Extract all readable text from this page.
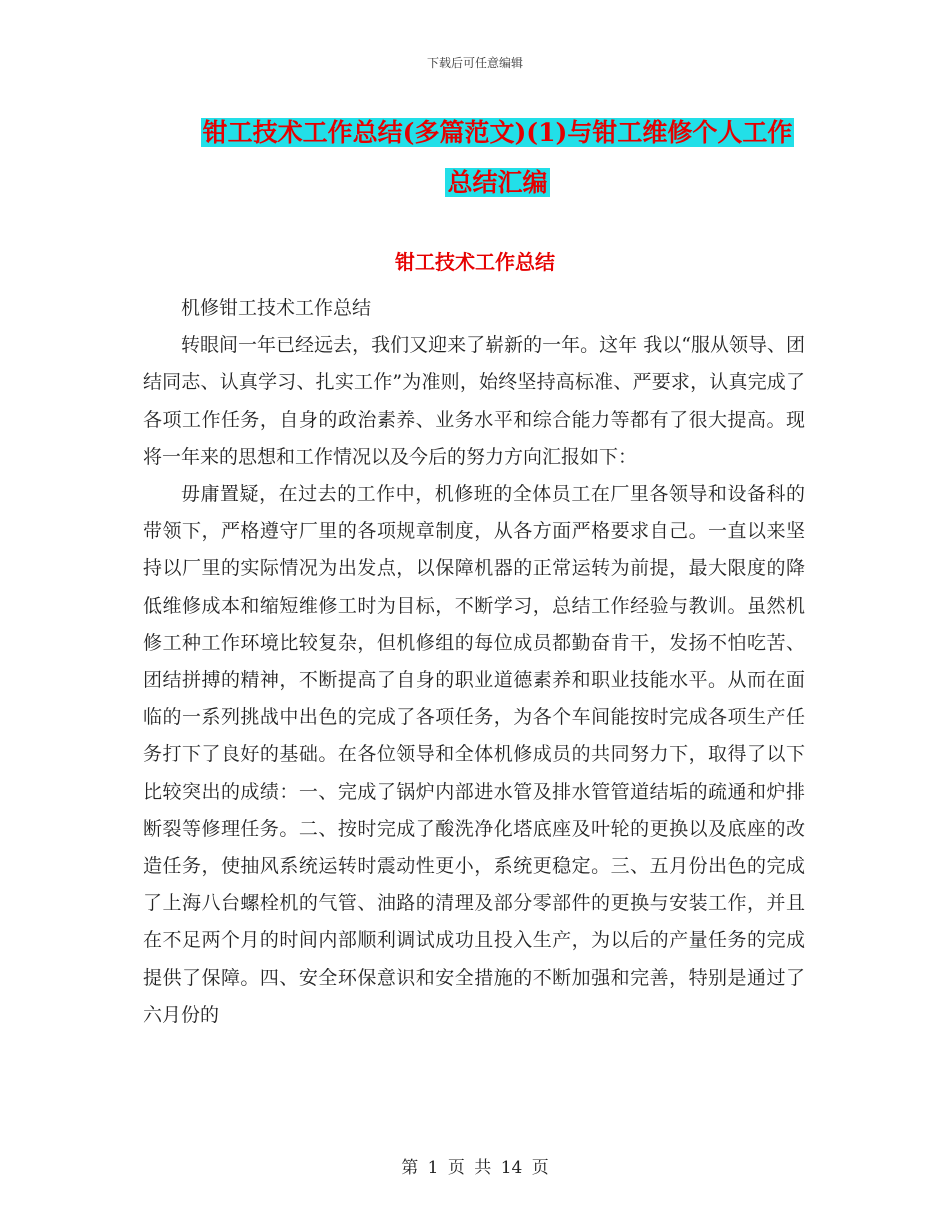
下载后可任意编辑
钳工技术工作总结(多篇范文)(1)与钳工维修个人工作
总结汇编
钳工技术工作总结

机修钳工技术工作总结

转眼间一年已经远去，我们又迎来了崭新的一年。这年 我以“服从领导、团结同志、认真学习、扎实工作”为准则，始终坚持高标准、严要求，认真完成了 各项工作任务，自身的政治素养、业务水平和综合能力等都有了很大提高。现将一年来的思想和工作情况以及今后的努力方向汇报如下：

毋庸置疑，在过去的工作中，机修班的全体员工在厂里各领导和设备科的带领下，严格遵守厂里的各项规章制度，从各方面严格要求自己。一直以来坚持以厂里的实际情况为出发点，以保障机器的正常运转为前提，最大限度的降低维修成本和缩短维修工时为目标，不断学习，总结工作经验与教训。虽然机修工种工作环境比较复杂，但机修组的每位成员都勤奋肯干，发扬不怕吃苦、团结拼搏的精神，不断提高了自身的职业道德素养和职业技能水平。从而在面临的一系列挑战中出色的完成了各项任务，为各个车间能按时完成各项生产任务打下了良好的基础。在各位领导和全体机修成员的共同努力下，取得了以下比较突出的成绩：一、完成了锅炉内部进水管及排水管管道结垢的疏通和炉排断裂等修理任务。二、按时完成了酸洗净化塔底座及叶轮的更换以及底座的改造任务，使抽风系统运转时震动性更小，系统更稳定。三、五月份出色的完成了上海八台螺栓机的气管、油路的清理及部分零部件的更换与安装工作，并且在不足两个月的时间内部顺利调试成功且投入生产，为以后的产量任务的完成提供了保障。四、安全环保意识和安全措施的不断加强和完善，特别是通过了六月份的

第 1 页 共 14 页
